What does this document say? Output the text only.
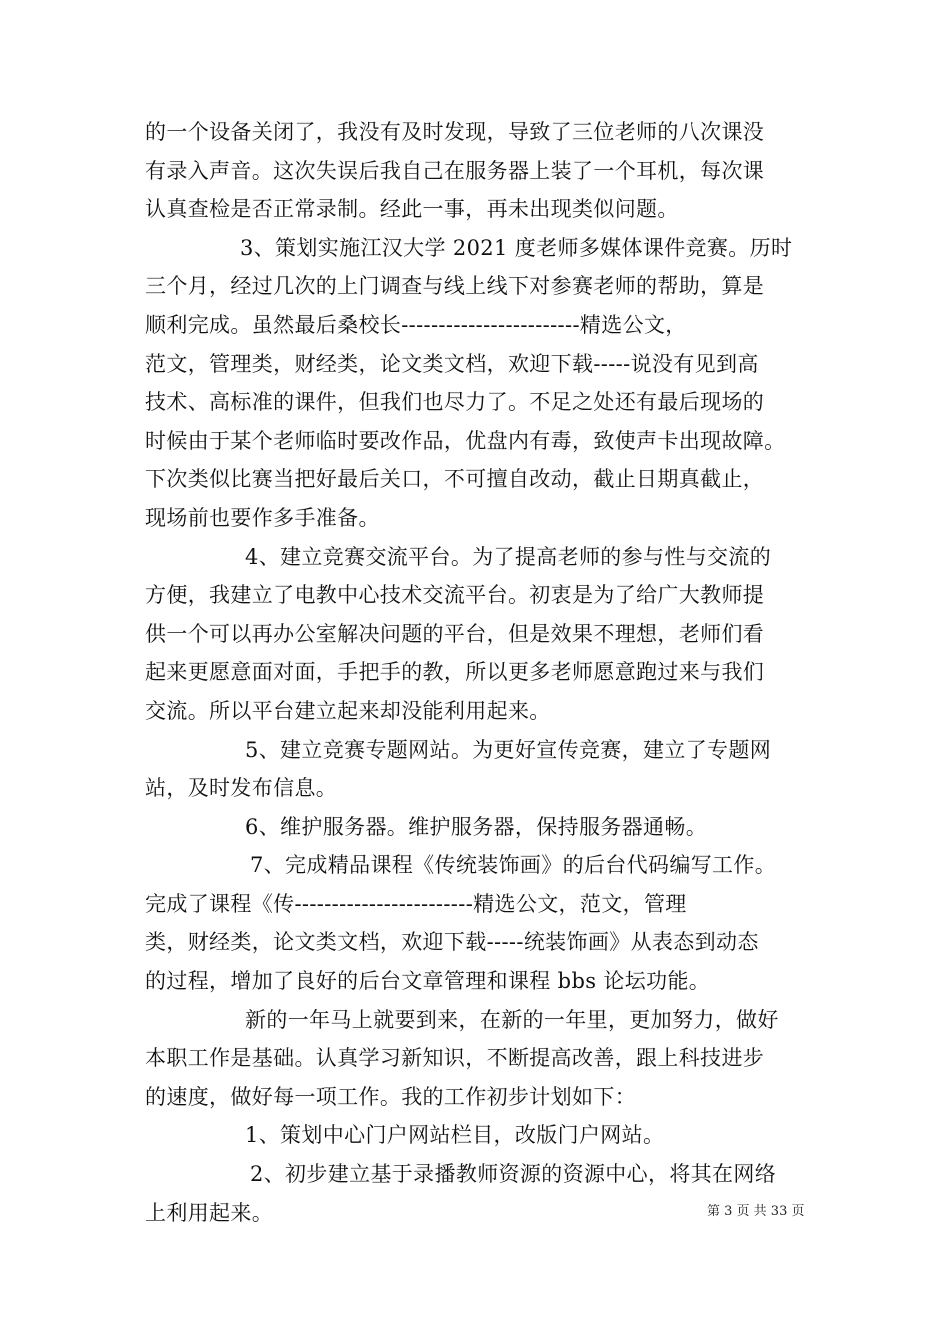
的一个设备关闭了，我没有及时发现，导致了三位老师的八次课没
有录入声音。这次失误后我自己在服务器上装了一个耳机，每次课
认真查检是否正常录制。经此一事，再未出现类似问题。
3、策划实施江汉大学 2021 度老师多媒体课件竞赛。历时
三个月，经过几次的上门调查与线上线下对参赛老师的帮助，算是
顺利完成。虽然最后桑校长------------------------精选公文，
范文，管理类，财经类，论文类文档，欢迎下载-----说没有见到高
技术、高标准的课件，但我们也尽力了。不足之处还有最后现场的
时候由于某个老师临时要改作品，优盘内有毒，致使声卡出现故障。
下次类似比赛当把好最后关口，不可擅自改动，截止日期真截止，
现场前也要作多手准备。
4、建立竞赛交流平台。为了提高老师的参与性与交流的
方便，我建立了电教中心技术交流平台。初衷是为了给广大教师提
供一个可以再办公室解决问题的平台，但是效果不理想，老师们看
起来更愿意面对面，手把手的教，所以更多老师愿意跑过来与我们
交流。所以平台建立起来却没能利用起来。
5、建立竞赛专题网站。为更好宣传竞赛，建立了专题网
站，及时发布信息。
6、维护服务器。维护服务器，保持服务器通畅。
7、完成精品课程《传统装饰画》的后台代码编写工作。
完成了课程《传------------------------精选公文，范文，管理
类，财经类，论文类文档，欢迎下载-----统装饰画》从表态到动态
的过程，增加了良好的后台文章管理和课程 bbs 论坛功能。
新的一年马上就要到来，在新的一年里，更加努力，做好
本职工作是基础。认真学习新知识，不断提高改善，跟上科技进步
的速度，做好每一项工作。我的工作初步计划如下：
1、策划中心门户网站栏目，改版门户网站。
2、初步建立基于录播教师资源的资源中心，将其在网络
上利用起来。	第 3 页 共 33 页
